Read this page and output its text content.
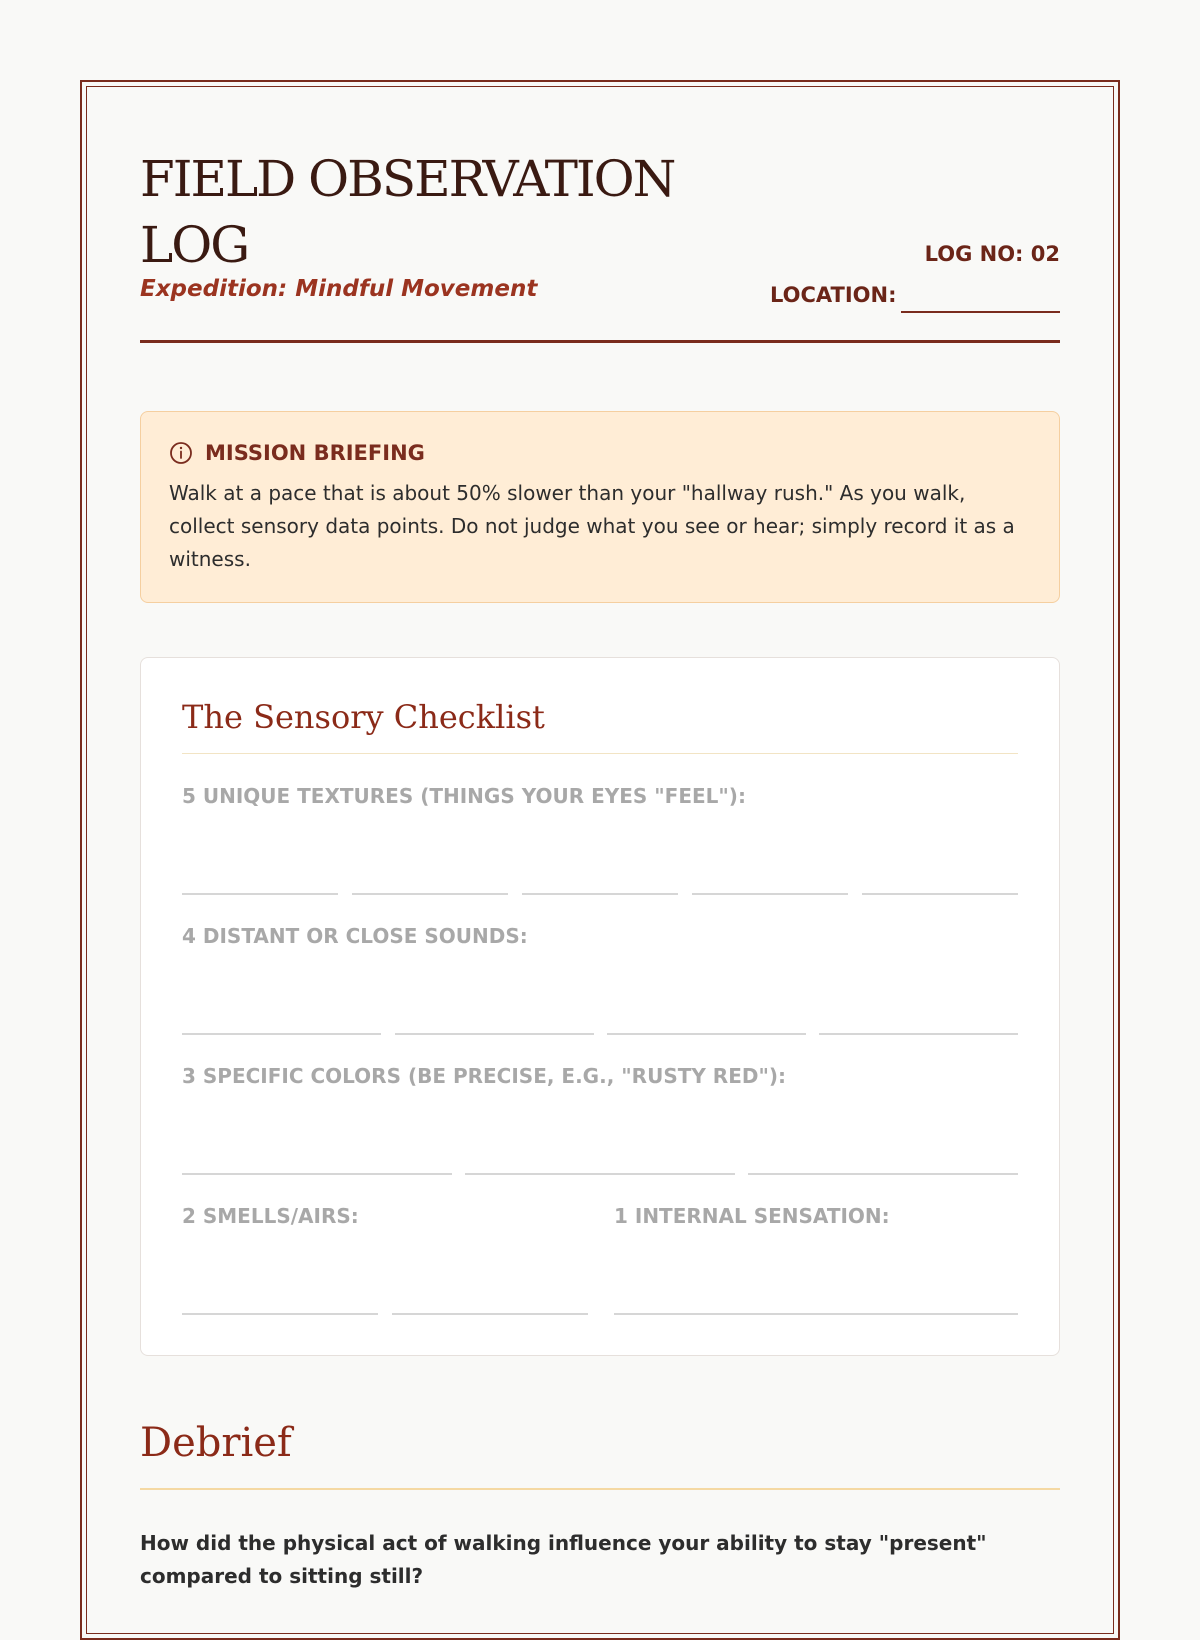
FIELD OBSERVATION LOG
Expedition: Mindful Movement
LOG NO: 02
LOCATION:
MISSION BRIEFING
Walk at a pace that is about 50% slower than your "hallway rush." As you walk, collect sensory data points. Do not judge what you see or hear; simply record it as a witness.
The Sensory Checklist
5 UNIQUE TEXTURES (THINGS YOUR EYES "FEEL"):
4 DISTANT OR CLOSE SOUNDS:
3 SPECIFIC COLORS (BE PRECISE, E.G., "RUSTY RED"):
2 SMELLS/AIRS:	1 INTERNAL SENSATION:
Debrief
How did the physical act of walking influence your ability to stay "present" compared to sitting still?
